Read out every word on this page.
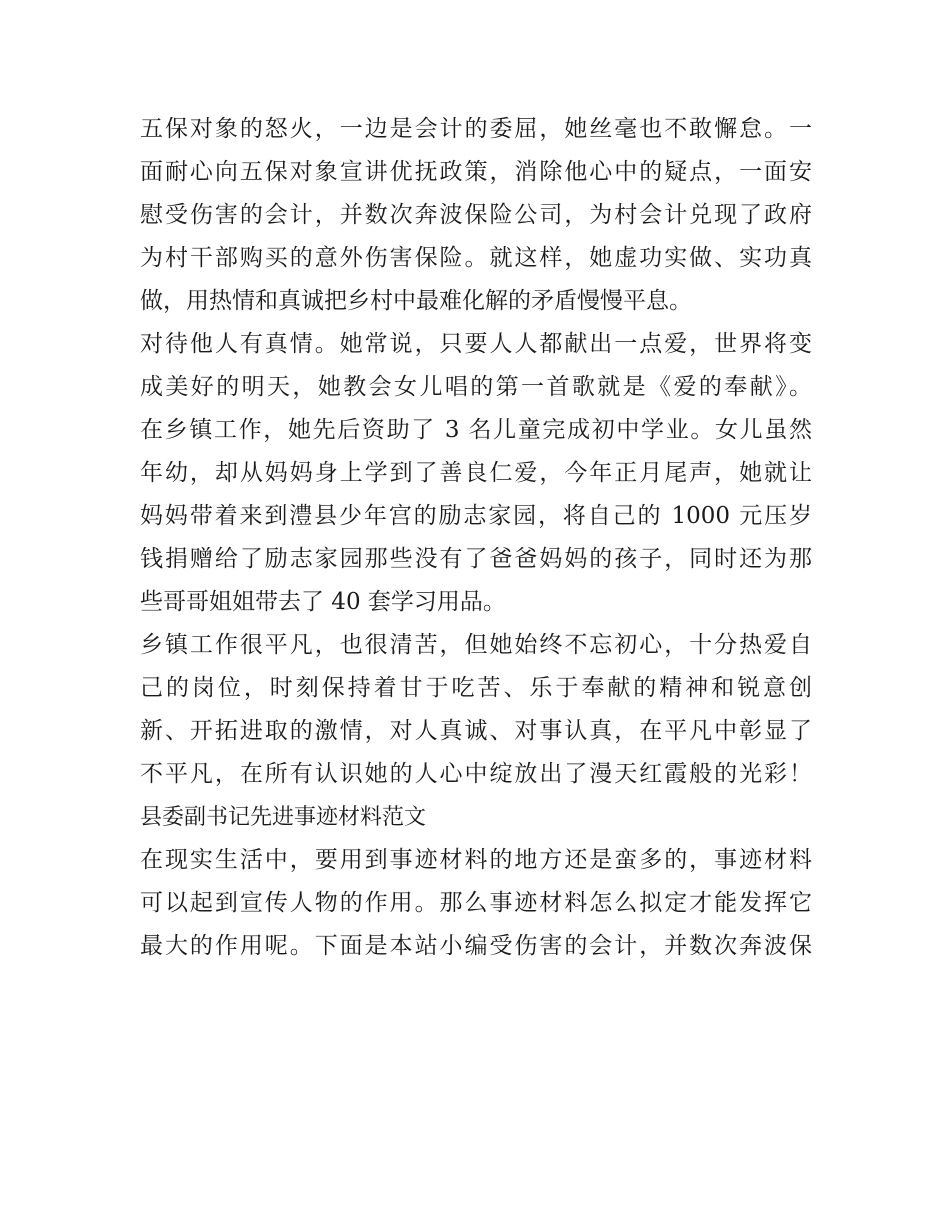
五保对象的怒火，一边是会计的委屈，她丝毫也不敢懈怠。一
面耐心向五保对象宣讲优抚政策，消除他心中的疑点，一面安
慰受伤害的会计，并数次奔波保险公司，为村会计兑现了政府
为村干部购买的意外伤害保险。就这样，她虚功实做、实功真
做，用热情和真诚把乡村中最难化解的矛盾慢慢平息。
对待他人有真情。她常说，只要人人都献出一点爱，世界将变
成美好的明天，她教会女儿唱的第一首歌就是《爱的奉献》。
在乡镇工作，她先后资助了 3 名儿童完成初中学业。女儿虽然
年幼，却从妈妈身上学到了善良仁爱，今年正月尾声，她就让
妈妈带着来到澧县少年宫的励志家园，将自己的 1000 元压岁
钱捐赠给了励志家园那些没有了爸爸妈妈的孩子，同时还为那
些哥哥姐姐带去了 40 套学习用品。
乡镇工作很平凡，也很清苦，但她始终不忘初心，十分热爱自
己的岗位，时刻保持着甘于吃苦、乐于奉献的精神和锐意创
新、开拓进取的激情，对人真诚、对事认真，在平凡中彰显了
不平凡，在所有认识她的人心中绽放出了漫天红霞般的光彩！
县委副书记先进事迹材料范文
在现实生活中，要用到事迹材料的地方还是蛮多的，事迹材料
可以起到宣传人物的作用。那么事迹材料怎么拟定才能发挥它
最大的作用呢。下面是本站小编受伤害的会计，并数次奔波保
